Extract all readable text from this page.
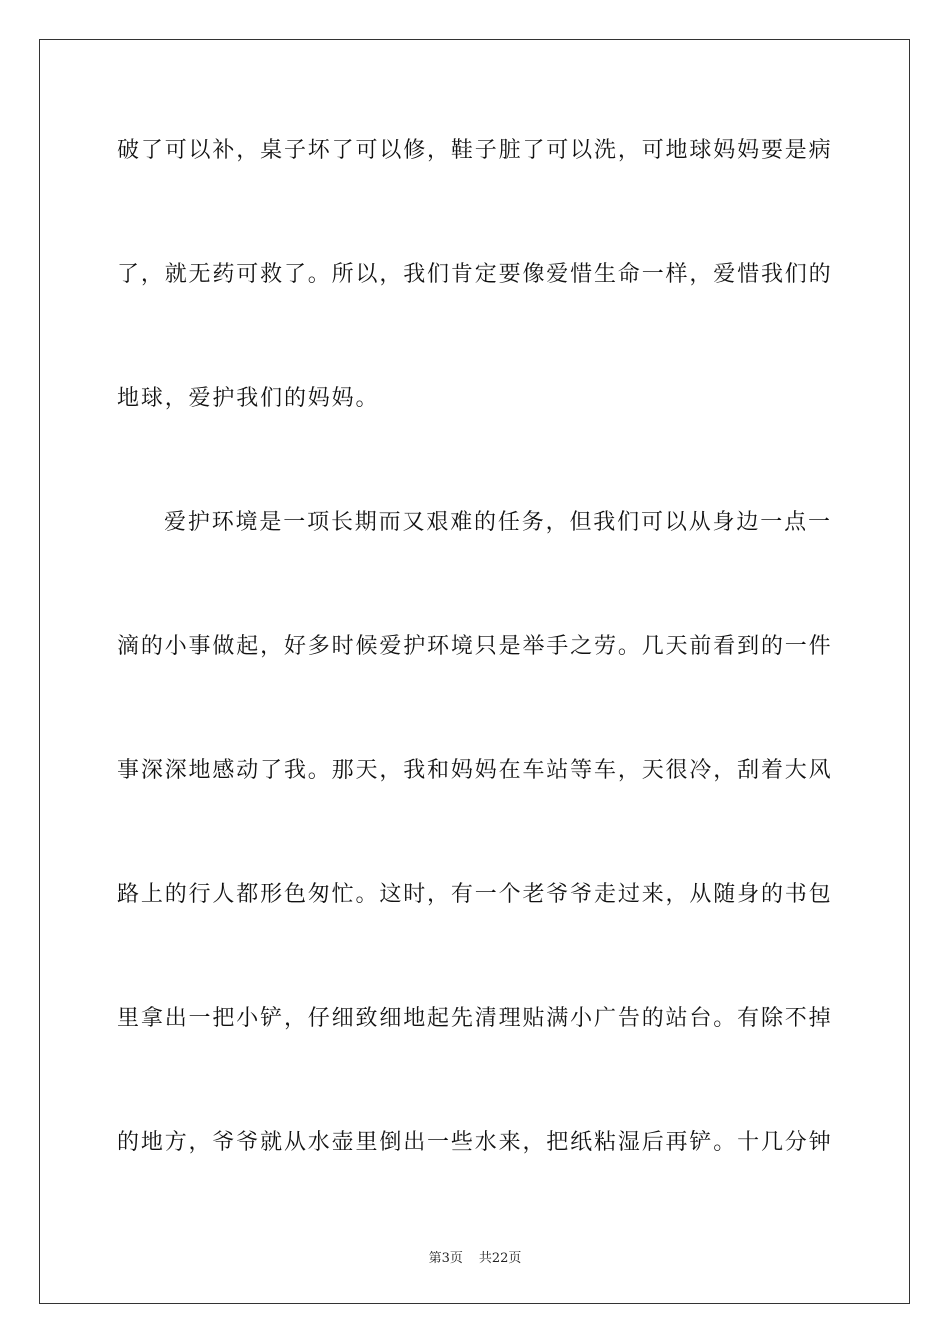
破了可以补，桌子坏了可以修，鞋子脏了可以洗，可地球妈妈要是病
了，就无药可救了。所以，我们肯定要像爱惜生命一样，爱惜我们的
地球，爱护我们的妈妈。
爱护环境是一项长期而又艰难的任务，但我们可以从身边一点一
滴的小事做起，好多时候爱护环境只是举手之劳。几天前看到的一件
事深深地感动了我。那天，我和妈妈在车站等车，天很冷，刮着大风
路上的行人都形色匆忙。这时，有一个老爷爷走过来，从随身的书包
里拿出一把小铲，仔细致细地起先清理贴满小广告的站台。有除不掉
的地方，爷爷就从水壶里倒出一些水来，把纸粘湿后再铲。十几分钟
第3页 共22页
